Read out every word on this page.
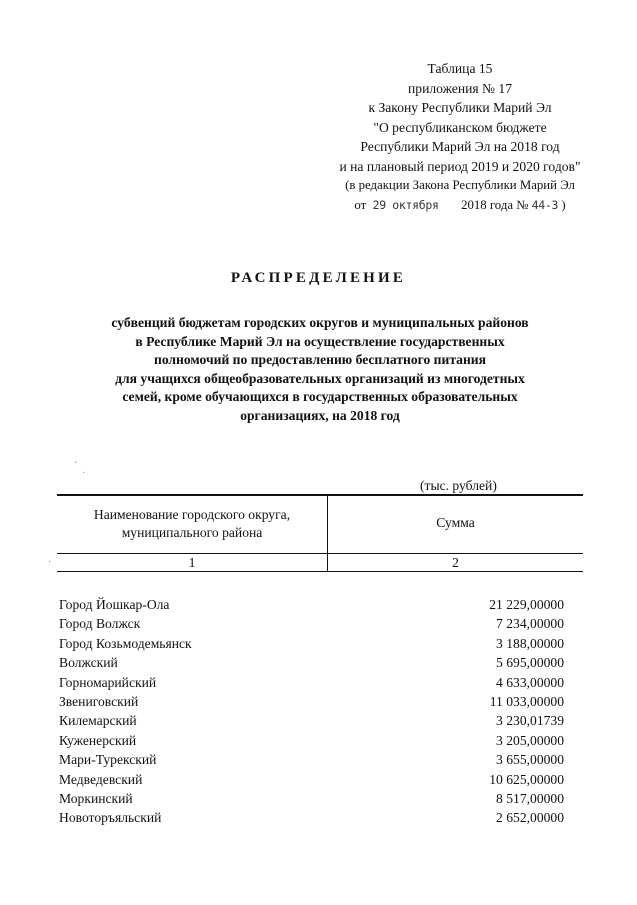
Таблица 15
приложения № 17
к Закону Республики Марий Эл
"О республиканском бюджете
Республики Марий Эл на 2018 год
и на плановый период 2019 и 2020 годов"
(в редакции Закона Республики Марий Эл
от 29 октября 2018 года № 44-З )
РАСПРЕДЕЛЕНИЕ
субвенций бюджетам городских округов и муниципальных районов
в Республике Марий Эл на осуществление государственных
полномочий по предоставлению бесплатного питания
для учащихся общеобразовательных организаций из многодетных
семей, кроме обучающихся в государственных образовательных
организациях, на 2018 год
·
·
·
(тыс. рублей)
Наименование городского округа,
муниципального района
Сумма
1	2
Город Йошкар-Ола	21 229,00000
Город Волжск	7 234,00000
Город Козьмодемьянск	3 188,00000
Волжский	5 695,00000
Горномарийский	4 633,00000
Звениговский	11 033,00000
Килемарский	3 230,01739
Куженерский	3 205,00000
Мари-Турекский	3 655,00000
Медведевский	10 625,00000
Моркинский	8 517,00000
Новоторъяльский	2 652,00000
